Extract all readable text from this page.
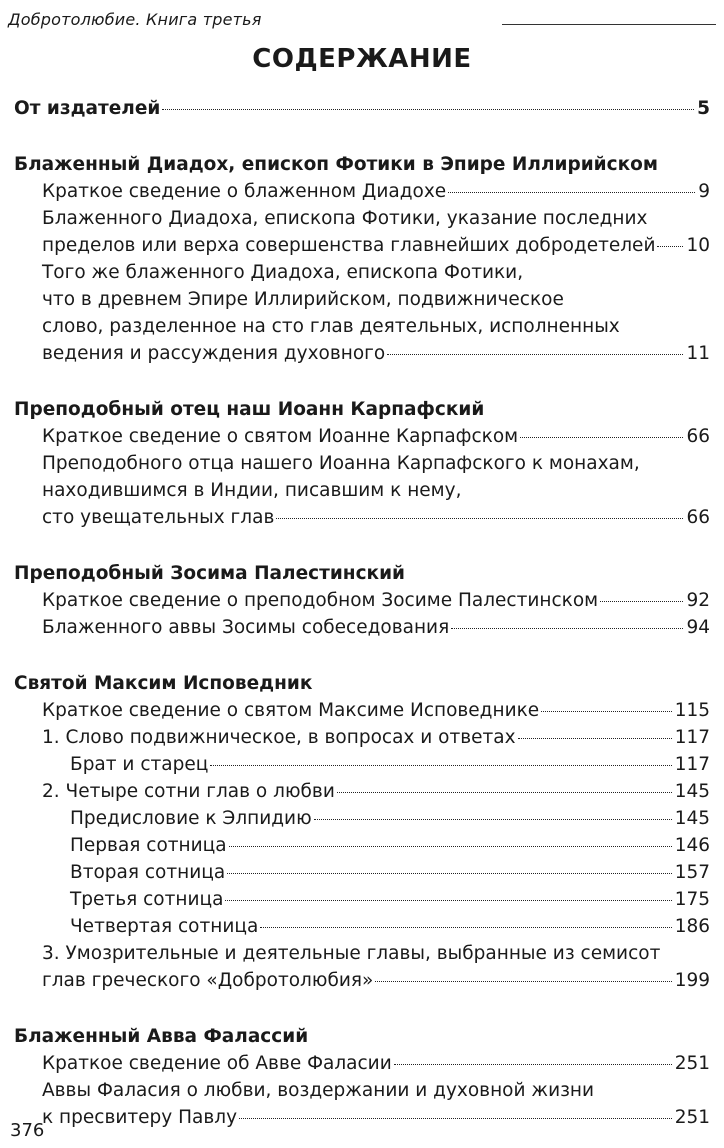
Добротолюбие. Книга третья
СОДЕРЖАНИЕ
От издателей	5
Блаженный Диадох, епископ Фотики в Эпире Иллирийском
Краткое сведение о блаженном Диадохе	9
Блаженного Диадоха, епископа Фотики, указание последних
пределов или верха совершенства главнейших добродетелей 10
Того же блаженного Диадоха, епископа Фотики,
что в древнем Эпире Иллирийском, подвижническое
слово, разделенное на сто глав деятельных, исполненных
ведения и рассуждения духовного	11
Преподобный отец наш Иоанн Карпафский
Краткое сведение о святом Иоанне Карпафском	66
Преподобного отца нашего Иоанна Карпафского к монахам,
находившимся в Индии, писавшим к нему,
сто увещательных глав	66
Преподобный Зосима Палестинский
Краткое сведение о преподобном Зосиме Палестинском	92
Блаженного аввы Зосимы собеседования	94
Святой Максим Исповедник
Краткое сведение о святом Максиме Исповеднике	115
1. Слово подвижническое, в вопросах и ответах	117
Брат и старец	117
2. Четыре сотни глав о любви	145
Предисловие к Элпидию	145
Первая сотница	146
Вторая сотница	157
Третья сотница	175
Четвертая сотница	186
3. Умозрительные и деятельные главы, выбранные из семисот
глав греческого «Добротолюбия»	199
Блаженный Авва Фалассий
Краткое сведение об Авве Фаласии	251
Аввы Фаласия о любви, воздержании и духовной жизни
к пресвитеру Павлу	251
376
